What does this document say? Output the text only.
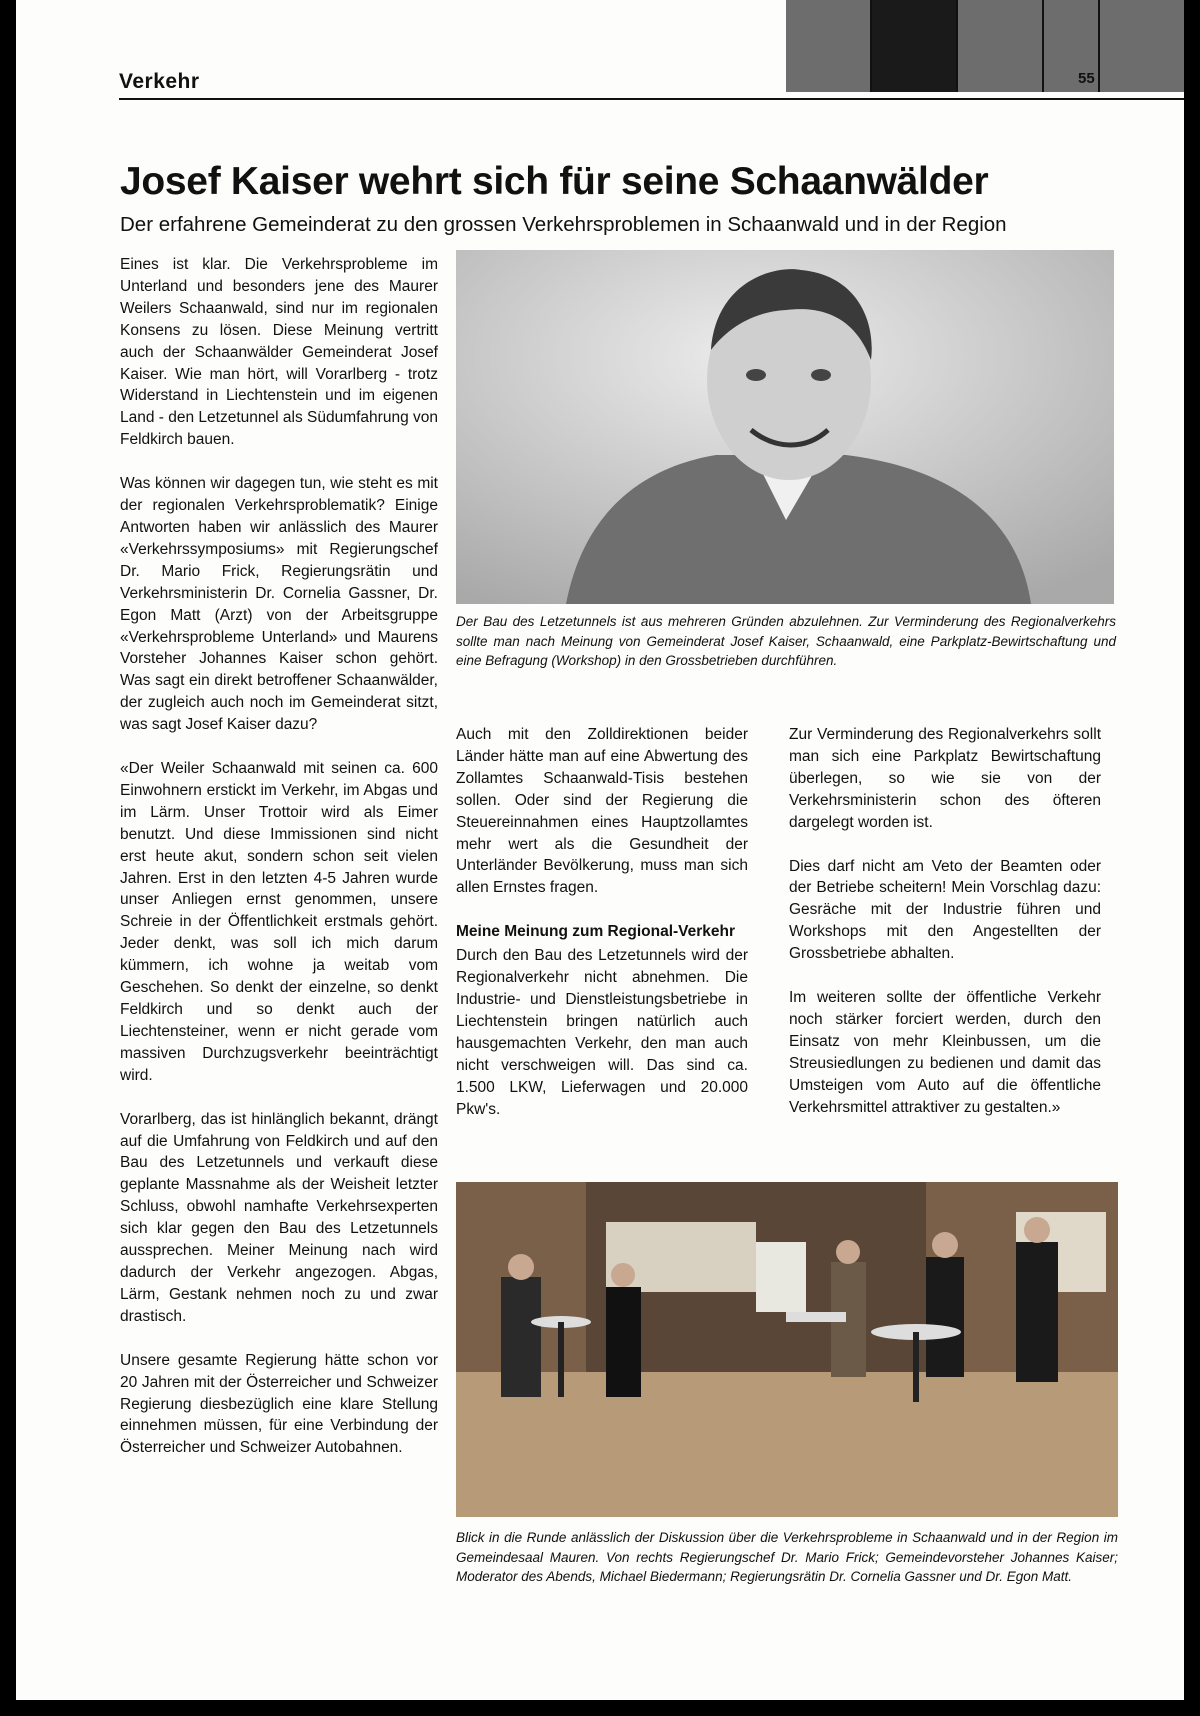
Verkehr	55
Josef Kaiser wehrt sich für seine Schaanwälder
Der erfahrene Gemeinderat zu den grossen Verkehrsproblemen in Schaanwald und in der Region

Eines ist klar. Die Verkehrsprobleme im Unterland und besonders jene des Maurer Weilers Schaanwald, sind nur im regionalen Konsens zu lösen. Diese Meinung vertritt auch der Schaanwälder Gemeinderat Josef Kaiser. Wie man hört, will Vorarlberg - trotz Widerstand in Liechtenstein und im eigenen Land - den Letzetunnel als Südumfahrung von Feldkirch bauen.

Was können wir dagegen tun, wie steht es mit der regionalen Verkehrsproblematik? Einige Antworten haben wir anlässlich des Maurer «Verkehrssymposiums» mit Regierungschef Dr. Mario Frick, Regierungsrätin und Verkehrsministerin Dr. Cornelia Gassner, Dr. Egon Matt (Arzt) von der Arbeitsgruppe «Verkehrsprobleme Unterland» und Maurens Vorsteher Johannes Kaiser schon gehört. Was sagt ein direkt betroffener Schaanwälder, der zugleich auch noch im Gemeinderat sitzt, was sagt Josef Kaiser dazu?

«Der Weiler Schaanwald mit seinen ca. 600 Einwohnern erstickt im Verkehr, im Abgas und im Lärm. Unser Trottoir wird als Eimer benutzt. Und diese Immissionen sind nicht erst heute akut, sondern schon seit vielen Jahren. Erst in den letzten 4-5 Jahren wurde unser Anliegen ernst genommen, unsere Schreie in der Öffentlichkeit erstmals gehört. Jeder denkt, was soll ich mich darum kümmern, ich wohne ja weitab vom Geschehen. So denkt der einzelne, so denkt Feldkirch und so denkt auch der Liechtensteiner, wenn er nicht gerade vom massiven Durchzugsverkehr beeinträchtigt wird.

Vorarlberg, das ist hinlänglich bekannt, drängt auf die Umfahrung von Feldkirch und auf den Bau des Letzetunnels und verkauft diese geplante Massnahme als der Weisheit letzter Schluss, obwohl namhafte Verkehrsexperten sich klar gegen den Bau des Letzetunnels aussprechen. Meiner Meinung nach wird dadurch der Verkehr angezogen. Abgas, Lärm, Gestank nehmen noch zu und zwar drastisch.

Unsere gesamte Regierung hätte schon vor 20 Jahren mit der Österreicher und Schweizer Regierung diesbezüglich eine klare Stellung einnehmen müssen, für eine Verbindung der Österreicher und Schweizer Autobahnen.

Der Bau des Letzetunnels ist aus mehreren Gründen abzulehnen. Zur Verminderung des Regionalverkehrs sollte man nach Meinung von Gemeinderat Josef Kaiser, Schaanwald, eine Parkplatz-Bewirtschaftung und eine Befragung (Workshop) in den Grossbetrieben durchführen.

Auch mit den Zolldirektionen beider Länder hätte man auf eine Abwertung des Zollamtes Schaanwald-Tisis bestehen sollen. Oder sind der Regierung die Steuereinnahmen eines Hauptzollamtes mehr wert als die Gesundheit der Unterländer Bevölkerung, muss man sich allen Ernstes fragen.

Meine Meinung zum Regional-Verkehr

Durch den Bau des Letzetunnels wird der Regionalverkehr nicht abnehmen. Die Industrie- und Dienstleistungsbetriebe in Liechtenstein bringen natürlich auch hausgemachten Verkehr, den man auch nicht verschweigen will. Das sind ca. 1.500 LKW, Lieferwagen und 20.000 Pkw's.

Zur Verminderung des Regionalverkehrs sollt man sich eine Parkplatz Bewirtschaftung überlegen, so wie sie von der Verkehrsministerin schon des öfteren dargelegt worden ist.

Dies darf nicht am Veto der Beamten oder der Betriebe scheitern! Mein Vorschlag dazu: Gesräche mit der Industrie führen und Workshops mit den Angestellten der Grossbetriebe abhalten.

Im weiteren sollte der öffentliche Verkehr noch stärker forciert werden, durch den Einsatz von mehr Kleinbussen, um die Streusiedlungen zu bedienen und damit das Umsteigen vom Auto auf die öffentliche Verkehrsmittel attraktiver zu gestalten.»

Blick in die Runde anlässlich der Diskussion über die Verkehrsprobleme in Schaanwald und in der Region im Gemeindesaal Mauren. Von rechts Regierungschef Dr. Mario Frick; Gemeindevorsteher Johannes Kaiser; Moderator des Abends, Michael Biedermann; Regierungsrätin Dr. Cornelia Gassner und Dr. Egon Matt.
